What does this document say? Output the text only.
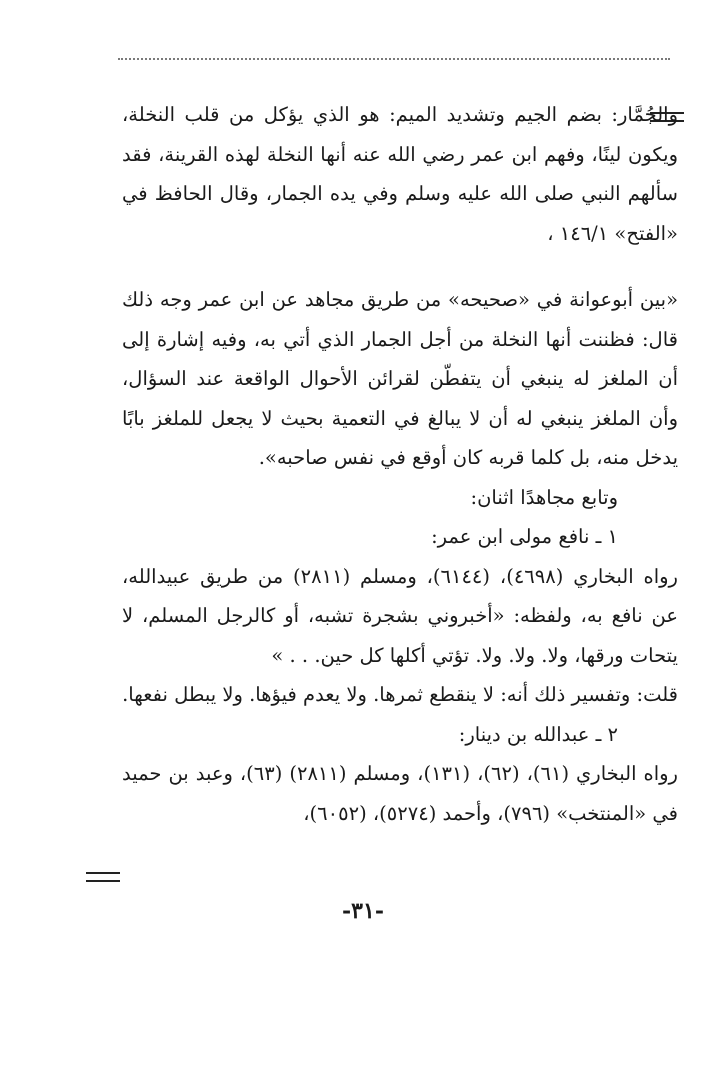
والجُمَّار: بضم الجيم وتشديد الميم: هو الذي يؤكل من قلب النخلة، ويكون لينًا، وفهم ابن عمر رضي الله عنه أنها النخلة لهذه القرينة، فقد سألهم النبي صلى الله عليه وسلم وفي يده الجمار، وقال الحافظ في «الفتح» ١٤٦/١ ،

«بين أبوعوانة في «صحيحه» من طريق مجاهد عن ابن عمر وجه ذلك قال: فظننت أنها النخلة من أجل الجمار الذي أتي به، وفيه إشارة إلى أن الملغز له ينبغي أن يتفطّن لقرائن الأحوال الواقعة عند السؤال، وأن الملغز ينبغي له أن لا يبالغ في التعمية بحيث لا يجعل للملغز بابًا يدخل منه، بل كلما قربه كان أوقع في نفس صاحبه».

وتابع مجاهدًا اثنان:

١ ـ نافع مولى ابن عمر:

رواه البخاري (٤٦٩٨)، (٦١٤٤)، ومسلم (٢٨١١) من طريق عبيدالله، عن نافع به، ولفظه: «أخبروني بشجرة تشبه، أو كالرجل المسلم، لا يتحات ورقها، ولا. ولا. ولا. تؤتي أكلها كل حين. . . »

قلت: وتفسير ذلك أنه: لا ينقطع ثمرها. ولا يعدم فيؤها. ولا يبطل نفعها.

٢ ـ عبدالله بن دينار:

رواه البخاري (٦١)، (٦٢)، (١٣١)، ومسلم (٢٨١١) (٦٣)، وعبد بن حميد في «المنتخب» (٧٩٦)، وأحمد (٥٢٧٤)، (٦٠٥٢)،

-٣١-
